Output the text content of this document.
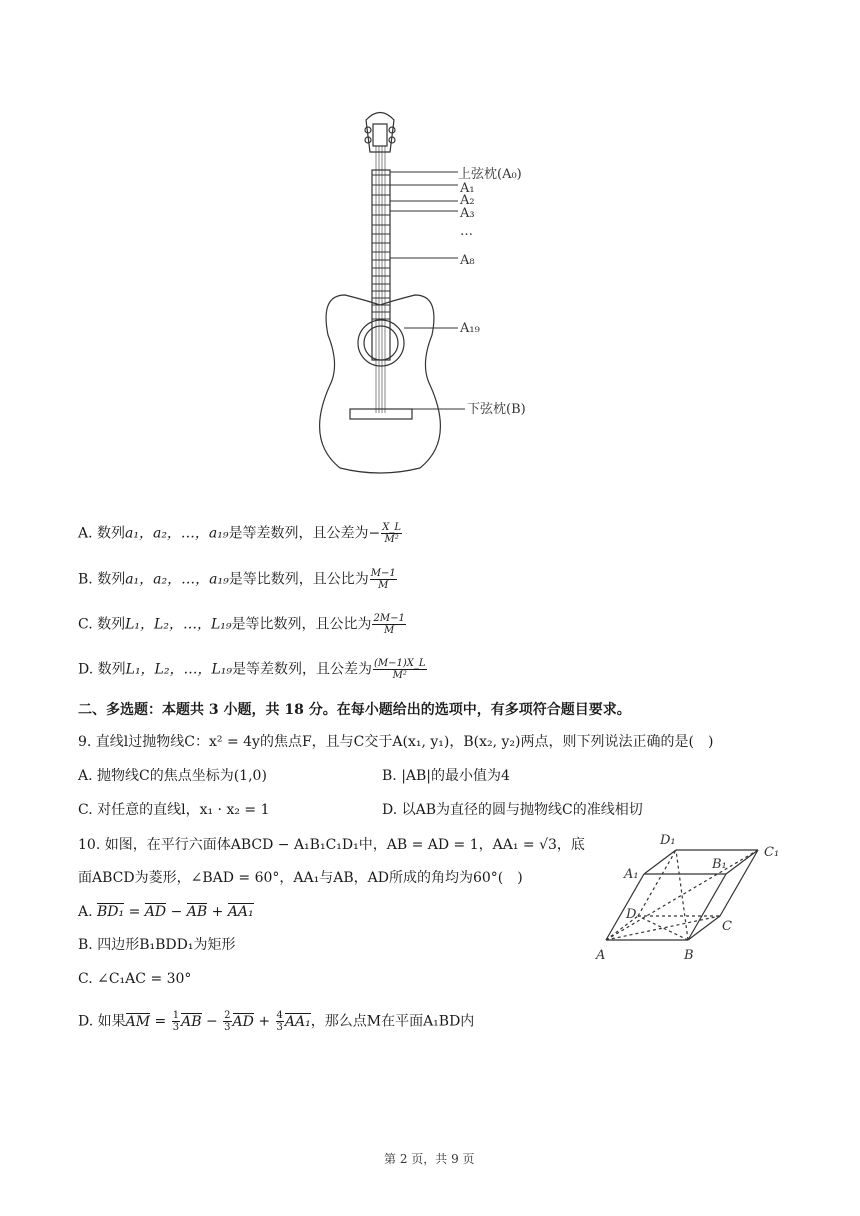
上弦枕(A₀)
A₁
A₂
A₃
…
A₈
A₁₉
下弦枕(B)
A. 数列a₁，a₂，…，a₁₉是等差数列，且公差为− $\frac{X\_L}{\text{M²}}$
B. 数列a₁，a₂，…，a₁₉是等比数列，且公比为 $\frac{M-1}{M}$
C. 数列L₁，L₂，…，L₁₉是等比数列，且公比为 $\frac{2M-1}{M}$
D. 数列L₁，L₂，…，L₁₉是等差数列，且公差为 $\frac{(M-1)X\_L}{\text{M²}}$
二、多选题：本题共 3 小题，共 18 分。在每小题给出的选项中，有多项符合题目要求。
9. 直线l过抛物线C：x² = 4y的焦点F，且与C交于A(x₁, y₁)，B(x₂, y₂)两点，则下列说法正确的是(　)
A. 抛物线C的焦点坐标为(1,0)	B. |AB|的最小值为4
C. 对任意的直线l，x₁ · x₂ = 1	D. 以AB为直径的圆与抛物线C的准线相切
10. 如图，在平行六面体ABCD − A₁B₁C₁D₁中，AB = AD = 1，AA₁ = √3，底
面ABCD为菱形，∠BAD = 60°，AA₁与AB，AD所成的角均为60°(　)
A. BD₁ = AD − AB + AA₁
B. 四边形B₁BDD₁为矩形
C. ∠C₁AC = 30°
D. 如果AM = $\frac{1}{3}$ AB − $\frac{2}{3}$ AD + $\frac{4}{3} AA_1$，那么点M在平面A₁BD内
D₁
B₁
C₁
A₁
D
C
A	B
第 2 页，共 9 页
